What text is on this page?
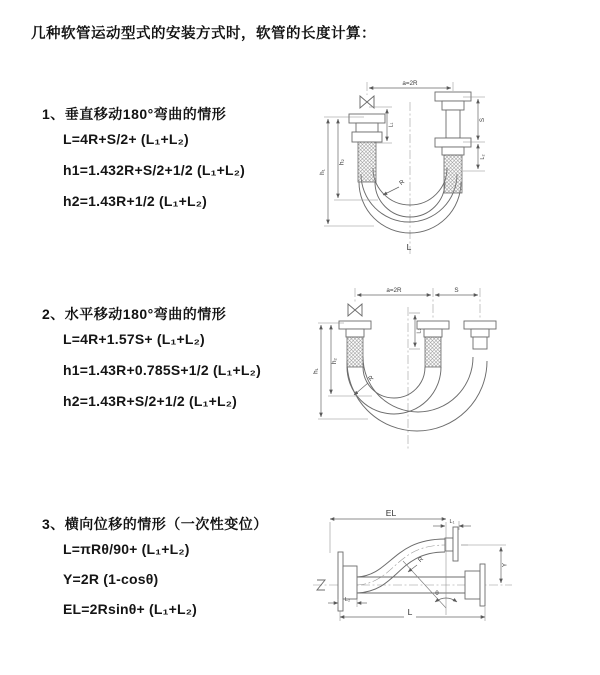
几种软管运动型式的安装方式时，软管的长度计算：
1、垂直移动180°弯曲的情形
L=4R+S/2+ (L₁+L₂)
h1=1.432R+S/2+1/2 (L₁+L₂)
h2=1.43R+1/2 (L₁+L₂)
2、水平移动180°弯曲的情形
L=4R+1.57S+ (L₁+L₂)
h1=1.43R+0.785S+1/2 (L₁+L₂)
h2=1.43R+S/2+1/2 (L₁+L₂)
3、横向位移的情形（一次性变位）
L=πRθ/90+ (L₁+L₂)
Y=2R (1-cosθ)
EL=2Rsinθ+ (L₁+L₂)
a=2R
S
L₂
h₁
h₂
L₁
R
L
a=2R	S
h₁
h₂
L₂
R
EL
L₁
Y
R
θ
L₂
L
